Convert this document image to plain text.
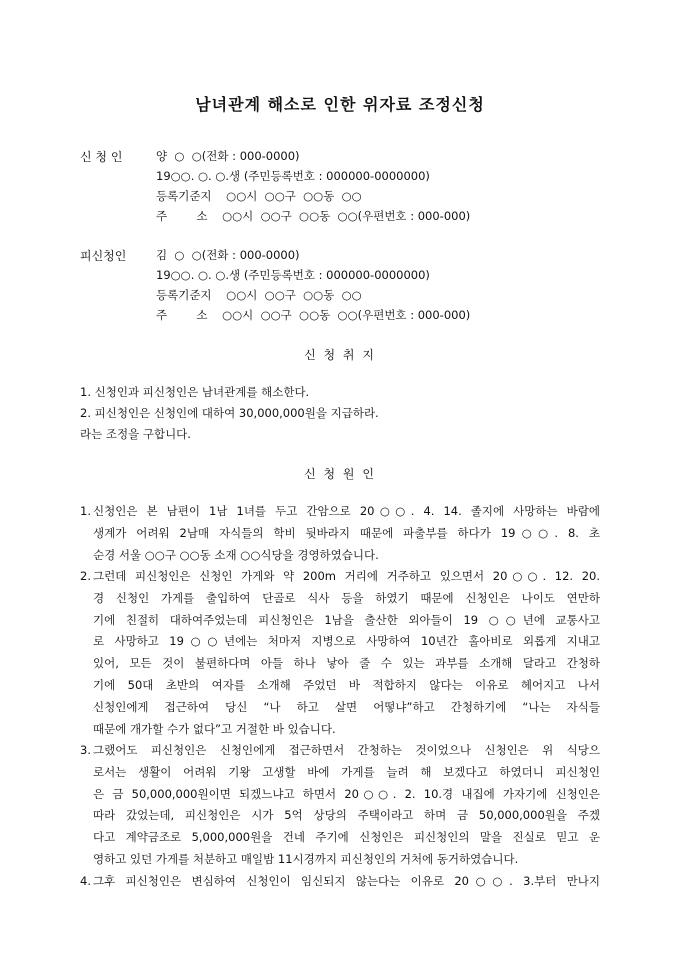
남녀관계 해소로 인한 위자료 조정신청
신 청 인	양  ○  ○(전화 : 000-0000)
19○○. ○. ○.생 (주민등록번호 : 000000-0000000)
등록기준지    ○○시  ○○구  ○○동  ○○
주        소    ○○시  ○○구  ○○동  ○○(우편번호 : 000-000)
피신청인	김  ○  ○(전화 : 000-0000)
19○○. ○. ○.생 (주민등록번호 : 000000-0000000)
등록기준지    ○○시  ○○구  ○○동  ○○
주        소    ○○시  ○○구  ○○동  ○○(우편번호 : 000-000)
신 청 취 지
1. 신청인과 피신청인은 남녀관계를 해소한다.
2. 피신청인은 신청인에 대하여 30,000,000원을 지급하라.
라는 조정을 구합니다.
신 청 원 인
1. 신청인은 본 남편이 1남 1녀를 두고 간암으로 20○○. 4. 14. 졸지에 사망하는 바람에
생계가 어려워 2남매 자식들의 학비 뒷바라지 때문에 파출부를 하다가 19○○. 8. 초
순경 서울 ○○구 ○○동 소재 ○○식당을 경영하였습니다.
2. 그런데 피신청인은 신청인 가게와 약 200m 거리에 거주하고 있으면서 20○○. 12. 20.
경 신청인 가게를 출입하여 단골로 식사 등을 하였기 때문에 신청인은 나이도 연만하
기에 친절히 대하여주었는데 피신청인은 1남을 출산한 외아들이 19 ○○년에 교통사고
로 사망하고 19○○년에는 처마저 지병으로 사망하여 10년간 홀아비로 외롭게 지내고
있어, 모든 것이 불편하다며 아들 하나 낳아 줄 수 있는 과부를 소개해 달라고 간청하
기에 50대 초반의 여자를 소개해 주었던 바 적합하지 않다는 이유로 헤어지고 나서
신청인에게 접근하여 당신 “나 하고 살면 어떻냐”하고 간청하기에 “나는 자식들
때문에 개가할 수가 없다”고 거절한 바 있습니다.
3. 그랬어도 피신청인은 신청인에게 접근하면서 간청하는 것이었으나 신청인은 위 식당으
로서는 생활이 어려워 기왕 고생할 바에 가게를 늘려 해 보겠다고 하였더니 피신청인
은 금 50,000,000원이면 되겠느냐고 하면서 20○○. 2. 10.경 내집에 가자기에 신청인은
따라 갔었는데, 피신청인은 시가 5억 상당의 주택이라고 하며 금 50,000,000원을 주겠
다고 계약금조로 5,000,000원을 건네 주기에 신청인은 피신청인의 말을 진실로 믿고 운
영하고 있던 가게를 처분하고 매일밤 11시경까지 피신청인의 거처에 동거하였습니다.
4. 그후 피신청인은 변심하여 신청인이 임신되지 않는다는 이유로 20○○. 3.부터 만나지
